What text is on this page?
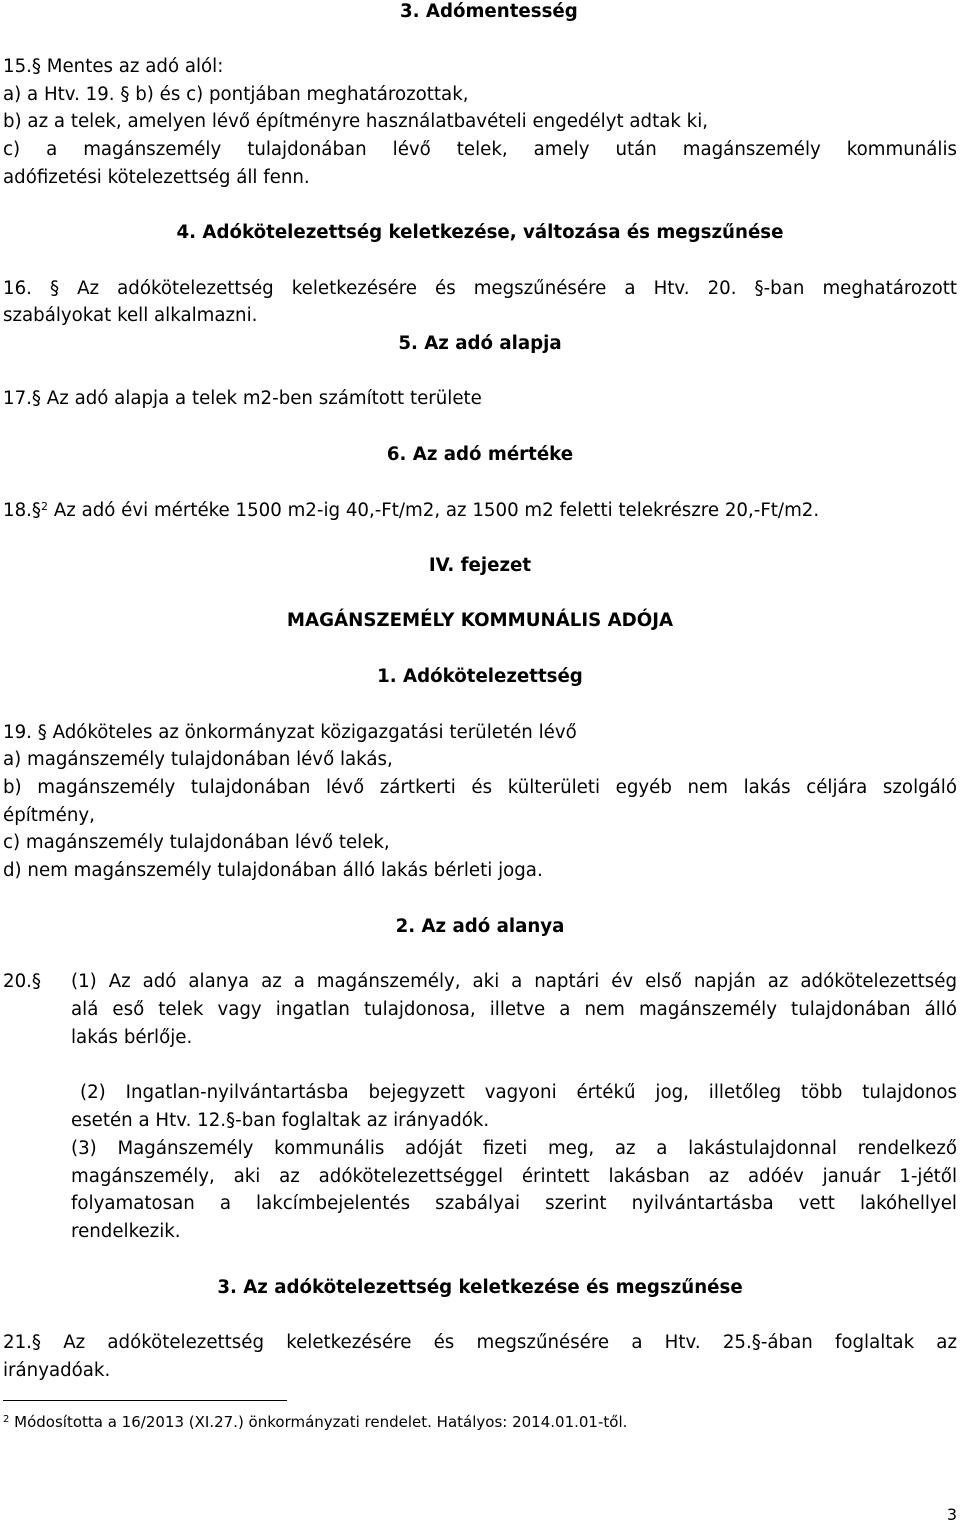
3. Adómentesség
15.§ Mentes az adó alól:
a) a Htv. 19. § b) és c) pontjában meghatározottak,
b) az a telek, amelyen lévő építményre használatbavételi engedélyt adtak ki,
c) a magánszemély tulajdonában lévő telek, amely után magánszemély kommunális
adófizetési kötelezettség áll fenn.
4. Adókötelezettség keletkezése, változása és megszűnése
16. § Az adókötelezettség keletkezésére és megszűnésére a Htv. 20. §-ban meghatározott
szabályokat kell alkalmazni.
5. Az adó alapja
17.§ Az adó alapja a telek m2-ben számított területe
6. Az adó mértéke
18.§$^2$ Az adó évi mértéke 1500 m2-ig 40,-Ft/m2, az 1500 m2 feletti telekrészre 20,-Ft/m2.
IV. fejezet
MAGÁNSZEMÉLY KOMMUNÁLIS ADÓJA
1. Adókötelezettség
19. § Adóköteles az önkormányzat közigazgatási területén lévő
a) magánszemély tulajdonában lévő lakás,
b) magánszemély tulajdonában lévő zártkerti és külterületi egyéb nem lakás céljára szolgáló
építmény,
c) magánszemély tulajdonában lévő telek,
d) nem magánszemély tulajdonában álló lakás bérleti joga.
2. Az adó alanya
20.§	(1) Az adó alanya az a magánszemély, aki a naptári év első napján az adókötelezettség
alá eső telek vagy ingatlan tulajdonosa, illetve a nem magánszemély tulajdonában álló
lakás bérlője.
(2) Ingatlan-nyilvántartásba bejegyzett vagyoni értékű jog, illetőleg több tulajdonos
esetén a Htv. 12.§-ban foglaltak az irányadók.
(3) Magánszemély kommunális adóját fizeti meg, az a lakástulajdonnal rendelkező
magánszemély, aki az adókötelezettséggel érintett lakásban az adóév január 1-jétől
folyamatosan a lakcímbejelentés szabályai szerint nyilvántartásba vett lakóhellyel
rendelkezik.
3. Az adókötelezettség keletkezése és megszűnése
21.§ Az adókötelezettség keletkezésére és megszűnésére a Htv. 25.§-ában foglaltak az
irányadóak.
$^2$ Módosította a 16/2013 (XI.27.) önkormányzati rendelet. Hatályos: 2014.01.01-től.
3
